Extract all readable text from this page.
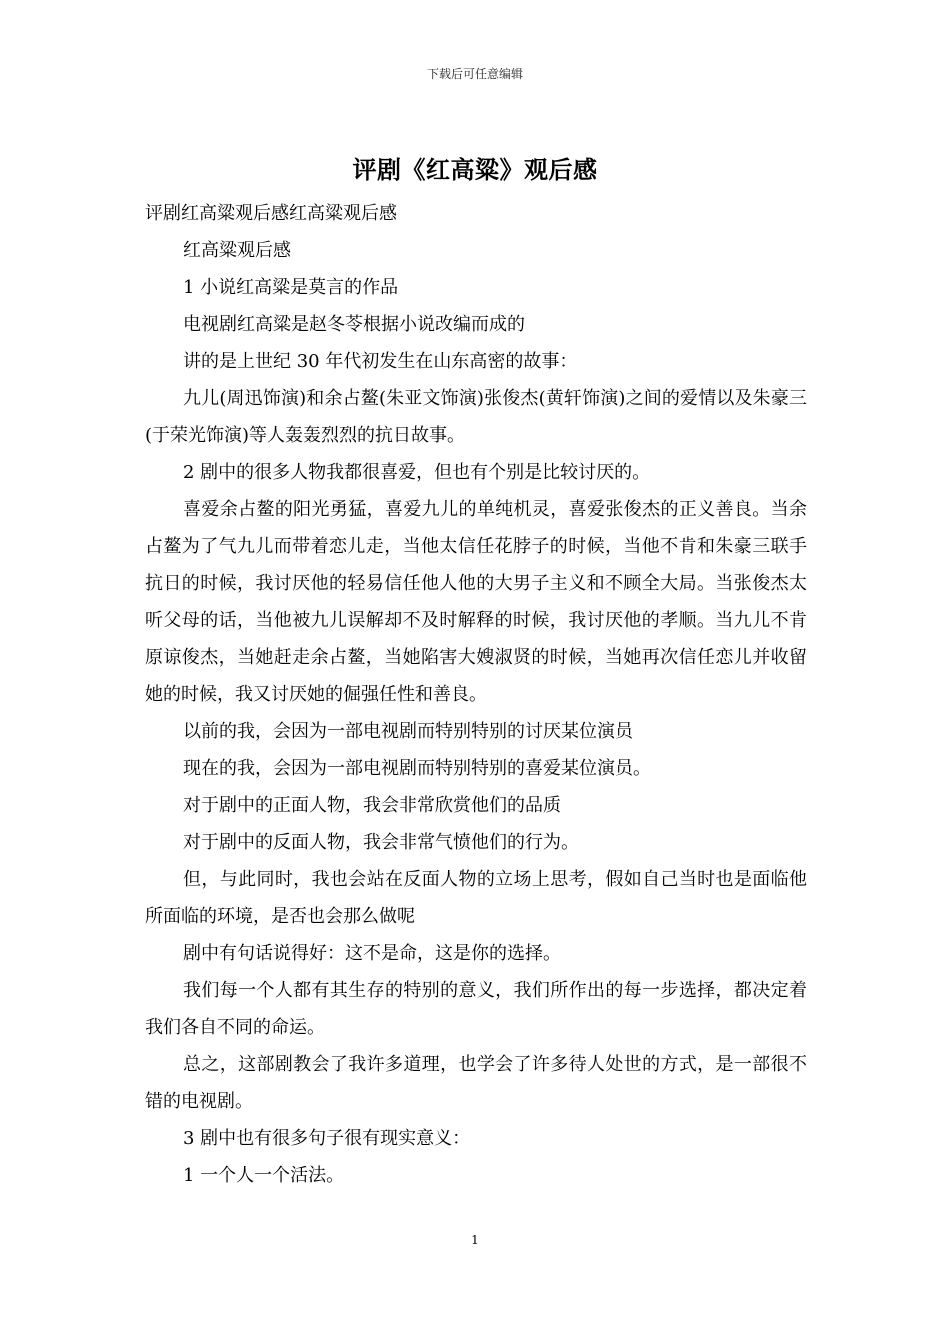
下载后可任意编辑
评剧《红高粱》观后感

评剧红高粱观后感红高粱观后感

红高粱观后感

1 小说红高粱是莫言的作品

电视剧红高粱是赵冬苓根据小说改编而成的

讲的是上世纪 30 年代初发生在山东高密的故事：

九儿(周迅饰演)和余占鳌(朱亚文饰演)张俊杰(黄轩饰演)之间的爱情以及朱豪三(于荣光饰演)等人轰轰烈烈的抗日故事。

2 剧中的很多人物我都很喜爱，但也有个别是比较讨厌的。

喜爱余占鳌的阳光勇猛，喜爱九儿的单纯机灵，喜爱张俊杰的正义善良。当余占鳌为了气九儿而带着恋儿走，当他太信任花脖子的时候，当他不肯和朱豪三联手抗日的时候，我讨厌他的轻易信任他人他的大男子主义和不顾全大局。当张俊杰太听父母的话，当他被九儿误解却不及时解释的时候，我讨厌他的孝顺。当九儿不肯原谅俊杰，当她赶走余占鳌，当她陷害大嫂淑贤的时候，当她再次信任恋儿并收留她的时候，我又讨厌她的倔强任性和善良。

以前的我，会因为一部电视剧而特别特别的讨厌某位演员

现在的我，会因为一部电视剧而特别特别的喜爱某位演员。

对于剧中的正面人物，我会非常欣赏他们的品质

对于剧中的反面人物，我会非常气愤他们的行为。

但，与此同时，我也会站在反面人物的立场上思考，假如自己当时也是面临他所面临的环境，是否也会那么做呢

剧中有句话说得好：这不是命，这是你的选择。

我们每一个人都有其生存的特别的意义，我们所作出的每一步选择，都决定着我们各自不同的命运。

总之，这部剧教会了我许多道理，也学会了许多待人处世的方式，是一部很不错的电视剧。

3 剧中也有很多句子很有现实意义：

1 一个人一个活法。

1
